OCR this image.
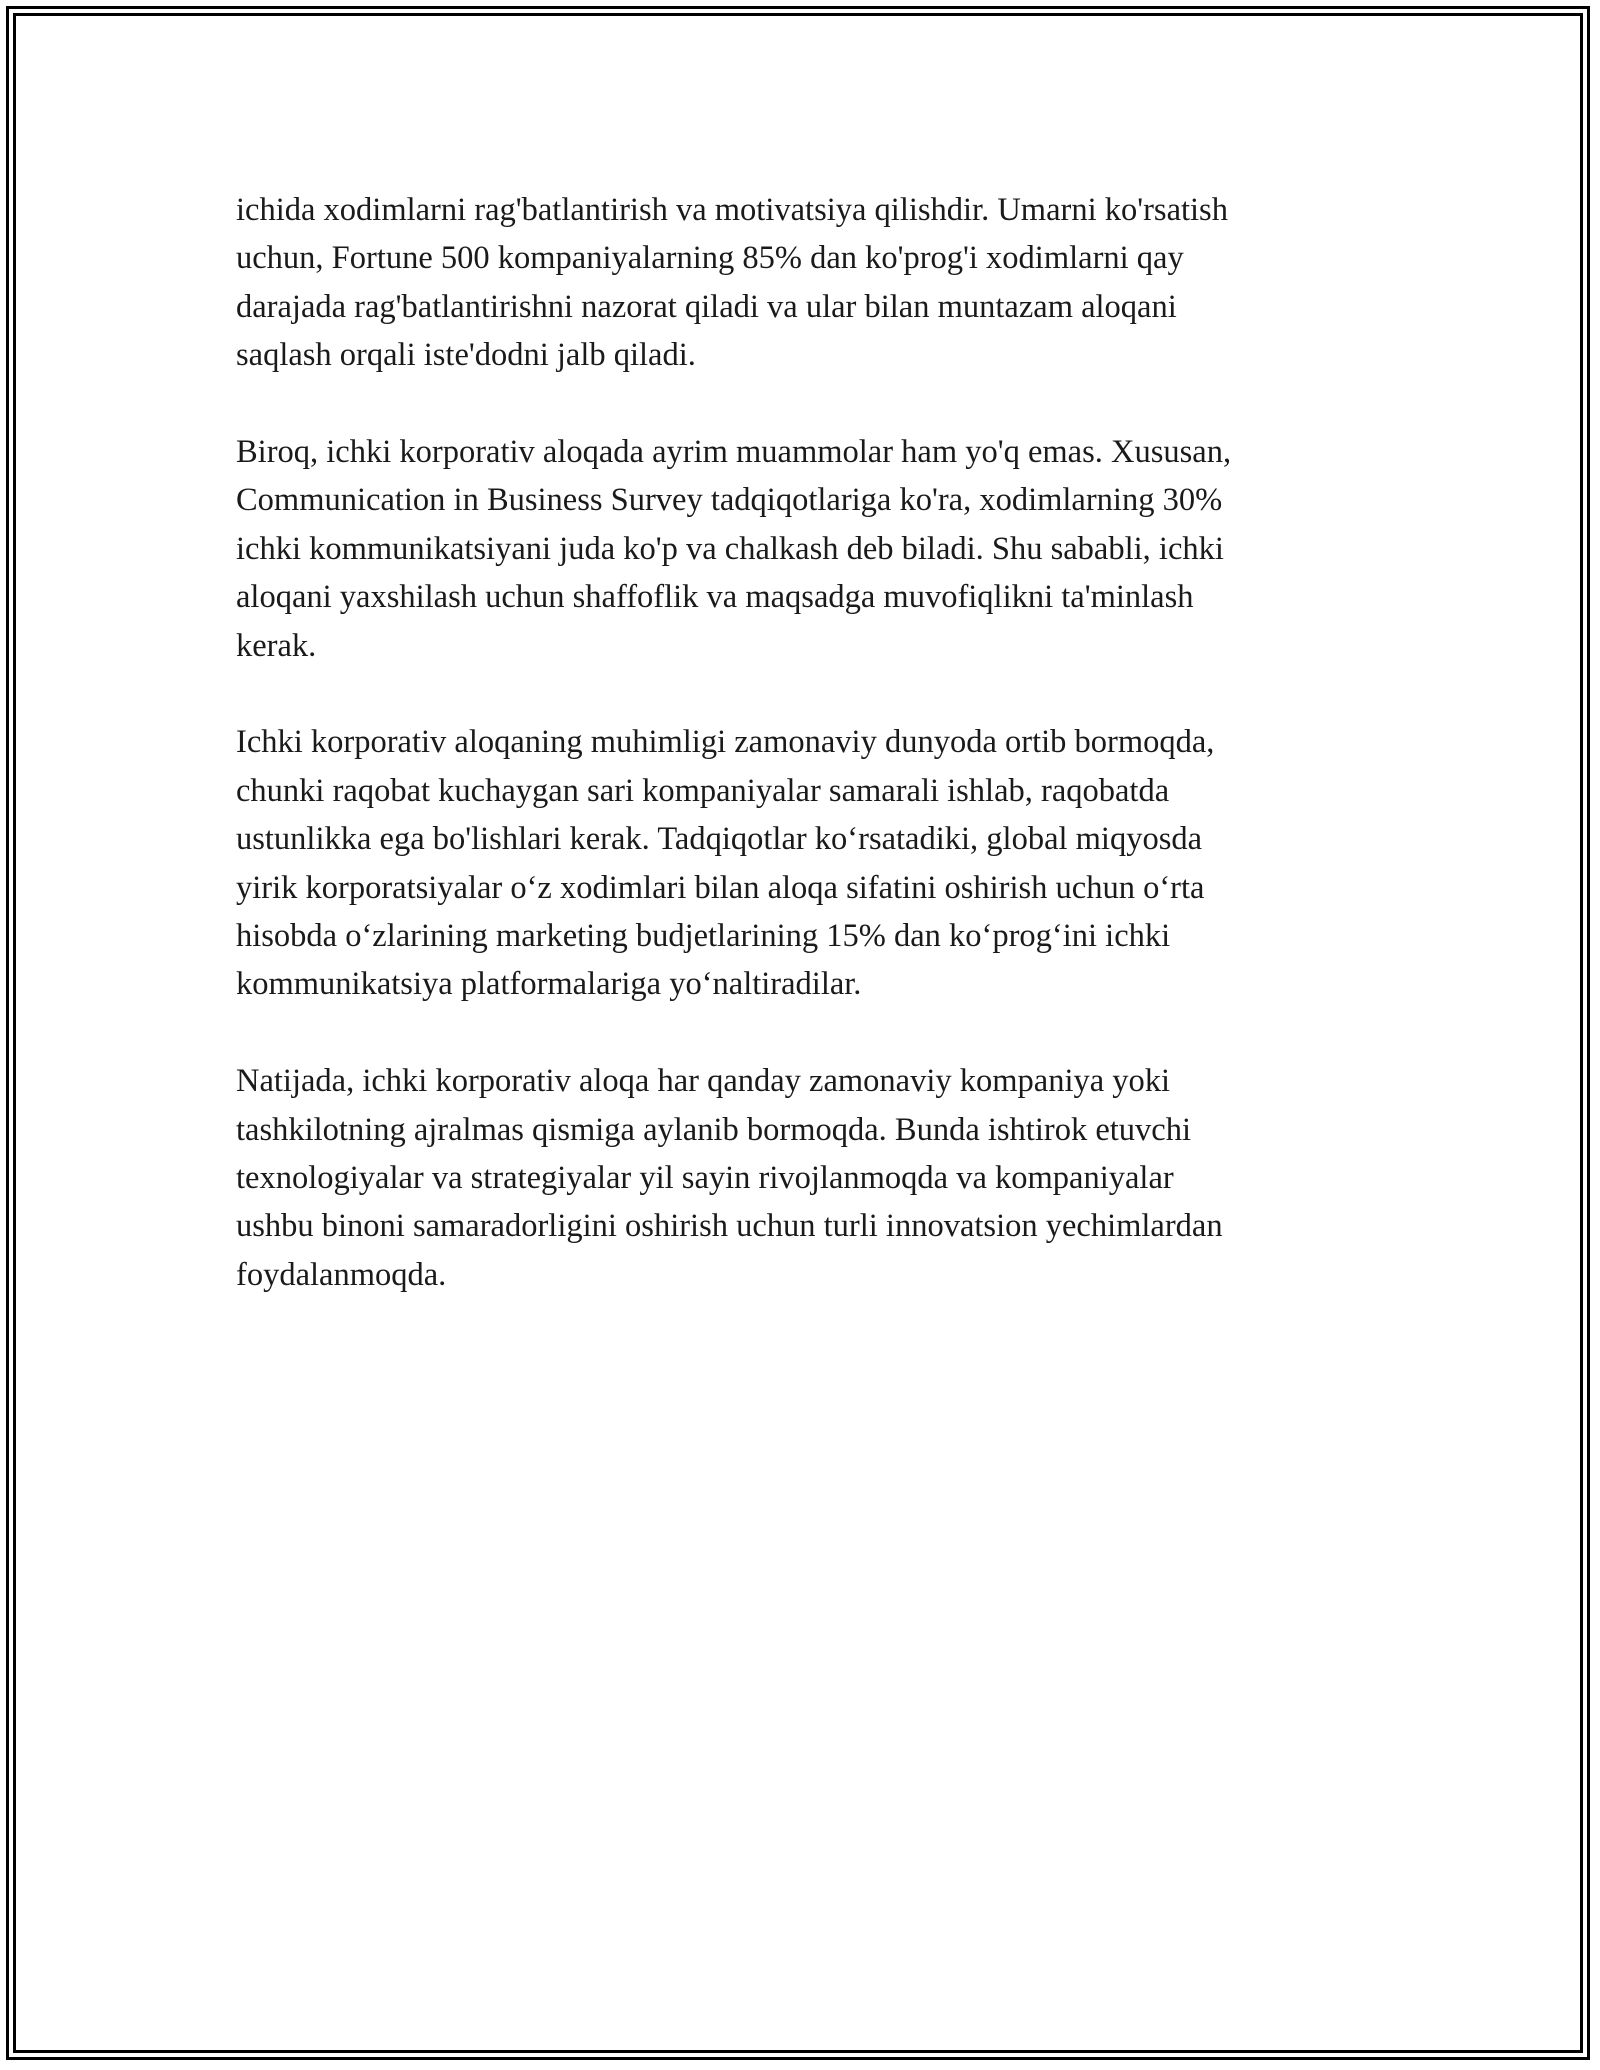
ichida xodimlarni rag'batlantirish va motivatsiya qilishdir. Umarni ko'rsatish
uchun, Fortune 500 kompaniyalarning 85% dan ko'prog'i xodimlarni qay
darajada rag'batlantirishni nazorat qiladi va ular bilan muntazam aloqani
saqlash orqali iste'dodni jalb qiladi.

Biroq, ichki korporativ aloqada ayrim muammolar ham yo'q emas. Xususan,
Communication in Business Survey tadqiqotlariga ko'ra, xodimlarning 30%
ichki kommunikatsiyani juda ko'p va chalkash deb biladi. Shu sababli, ichki
aloqani yaxshilash uchun shaffoflik va maqsadga muvofiqlikni ta'minlash
kerak.

Ichki korporativ aloqaning muhimligi zamonaviy dunyoda ortib bormoqda,
chunki raqobat kuchaygan sari kompaniyalar samarali ishlab, raqobatda
ustunlikka ega bo'lishlari kerak. Tadqiqotlar ko‘rsatadiki, global miqyosda
yirik korporatsiyalar o‘z xodimlari bilan aloqa sifatini oshirish uchun o‘rta
hisobda o‘zlarining marketing budjetlarining 15% dan ko‘prog‘ini ichki
kommunikatsiya platformalariga yo‘naltiradilar.

Natijada, ichki korporativ aloqa har qanday zamonaviy kompaniya yoki
tashkilotning ajralmas qismiga aylanib bormoqda. Bunda ishtirok etuvchi
texnologiyalar va strategiyalar yil sayin rivojlanmoqda va kompaniyalar
ushbu binoni samaradorligini oshirish uchun turli innovatsion yechimlardan
foydalanmoqda.
